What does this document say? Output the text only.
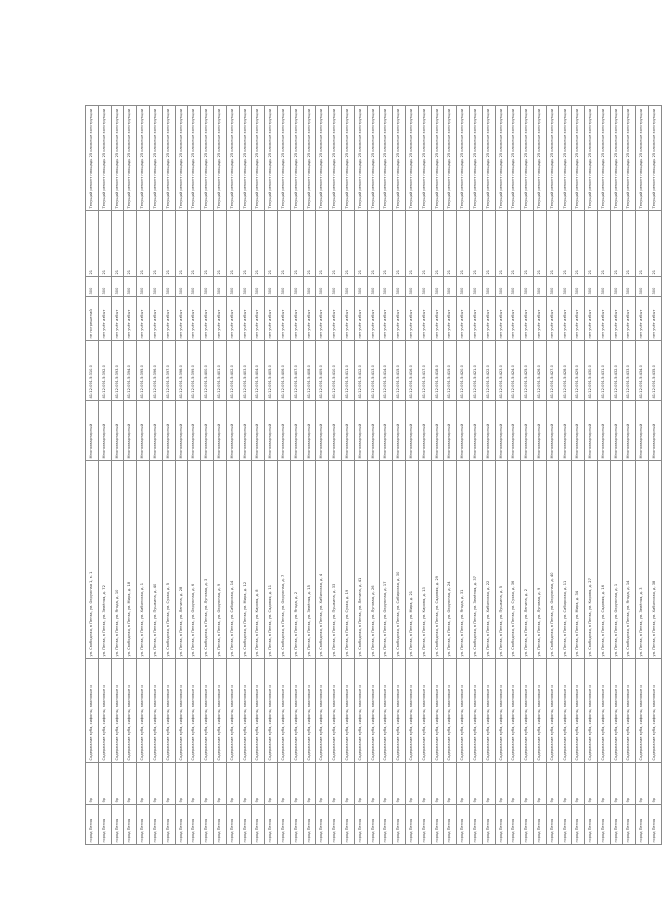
город Пенза	9р	Содержание куба, сифоны, клиновые и	ул. Свободная, в Пенза, ул. Окружная 1, к. 1	Многоквартирный	41:12:091.5:310.0	не погрешений	300	21	Текущий ремонт площадь 25 сложные конструкции
город Пенза	9р	Содержание куба, сифоны, клиновые и	ул. Пенза, в Пенза, ул. Зелёная, д. 72	Многоквартирный	41:12:091.5:392.0	нет учёт избыт	300	21	Текущий ремонт площадь 25 сложные конструкции
город Пенза	9р	Содержание куба, сифоны, клиновые и	ул. Пенза, в Пенза, ул. Ягода, д. 10	Многоквартирный	41:12:091.5:393.0	нет учёт избыт	300	21	Текущий ремонт площадь 25 сложные конструкции
город Пенза	9р	Содержание куба, сифоны, клиновые и	ул. Свободная, в Пенза, ул. Мира, д. 18	Многоквартирный	41:12:091.5:394.0	нет учёт избыт	300	21	Текущий ремонт площадь 25 сложные конструкции
город Пенза	9р	Содержание куба, сифоны, клиновые и	ул. Пенза, в Пенза, ул. Хибинская, д. 1	Многоквартирный	41:12:091.5:395.0	нет учёт избыт	300	21	Текущий ремонт площадь 25 сложные конструкции
город Пенза	9р	Содержание куба, сифоны, клиновые и	ул. Пенза, в Пенза, ул. Пушкина, д. 40	Многоквартирный	41:12:091.5:396.0	нет учёт избыт	300	21	Текущий ремонт площадь 25 сложные конструкции
город Пенза	9р	Содержание куба, сифоны, клиновые и	ул. Свободная, в Пенза, ул. Сухая, д. 5	Многоквартирный	41:12:091.5:397.0	нет учёт избыт	300	21	Текущий ремонт площадь 25 сложные конструкции
город Пенза	9р	Содержание куба, сифоны, клиновые и	ул. Пенза, в Пенза, ул. Ленина, д. 28	Многоквартирный	41:12:091.5:398.0	нет учёт избыт	300	21	Текущий ремонт площадь 25 сложные конструкции
город Пенза	9р	Содержание куба, сифоны, клиновые и	ул. Пенза, в Пенза, ул. Окружная, д. 6	Многоквартирный	41:12:091.5:399.0	нет учёт избыт	300	21	Текущий ремонт площадь 25 сложные конструкции
город Пенза	9р	Содержание куба, сифоны, клиновые и	ул. Свободная, в Пенза, ул. Луговая, д. 3	Многоквартирный	41:12:091.5:400.0	нет учёт избыт	300	21	Текущий ремонт площадь 25 сложные конструкции
город Пенза	9р	Содержание куба, сифоны, клиновые и	ул. Пенза, в Пенза, ул. Окружная, д. 9	Многоквартирный	41:12:091.5:401.0	нет учёт избыт	300	21	Текущий ремонт площадь 25 сложные конструкции
город Пенза	9р	Содержание куба, сифоны, клиновые и	ул. Пенза, в Пенза, ул. Сибирская, д. 14	Многоквартирный	41:12:091.5:402.0	нет учёт избыт	300	21	Текущий ремонт площадь 25 сложные конструкции
город Пенза	9р	Содержание куба, сифоны, клиновые и	ул. Свободная, в Пенза, ул. Мира, д. 12	Многоквартирный	41:12:091.5:403.0	нет учёт избыт	300	21	Текущий ремонт площадь 25 сложные конструкции
город Пенза	9р	Содержание куба, сифоны, клиновые и	ул. Пенза, в Пенза, ул. Кирова, д. 8	Многоквартирный	41:12:091.5:404.0	нет учёт избыт	300	21	Текущий ремонт площадь 25 сложные конструкции
город Пенза	9р	Содержание куба, сифоны, клиновые и	ул. Пенза, в Пенза, ул. Садовая, д. 11	Многоквартирный	41:12:091.5:405.0	нет учёт избыт	300	21	Текущий ремонт площадь 25 сложные конструкции
город Пенза	9р	Содержание куба, сифоны, клиновые и	ул. Свободная, в Пенза, ул. Окружная, д. 7	Многоквартирный	41:12:091.5:406.0	нет учёт избыт	300	21	Текущий ремонт площадь 25 сложные конструкции
город Пенза	9р	Содержание куба, сифоны, клиновые и	ул. Пенза, в Пенза, ул. Ягода, д. 2	Многоквартирный	41:12:091.5:407.0	нет учёт избыт	300	21	Текущий ремонт площадь 25 сложные конструкции
город Пенза	9р	Содержание куба, сифоны, клиновые и	ул. Пенза, в Пенза, ул. Зелёная, д. 15	Многоквартирный	41:12:091.5:408.0	нет учёт избыт	300	21	Текущий ремонт площадь 25 сложные конструкции
город Пенза	9р	Содержание куба, сифоны, клиновые и	ул. Свободная, в Пенза, ул. Хибинская, д. 4	Многоквартирный	41:12:091.5:409.0	нет учёт избыт	300	21	Текущий ремонт площадь 25 сложные конструкции
город Пенза	9р	Содержание куба, сифоны, клиновые и	ул. Пенза, в Пенза, ул. Пушкина, д. 33	Многоквартирный	41:12:091.5:410.0	нет учёт избыт	300	21	Текущий ремонт площадь 25 сложные конструкции
город Пенза	9р	Содержание куба, сифоны, клиновые и	ул. Пенза, в Пенза, ул. Сухая, д. 19	Многоквартирный	41:12:091.5:411.0	нет учёт избыт	300	21	Текущий ремонт площадь 25 сложные конструкции
город Пенза	9р	Содержание куба, сифоны, клиновые и	ул. Свободная, в Пенза, ул. Ленина, д. 41	Многоквартирный	41:12:091.5:412.0	нет учёт избыт	300	21	Текущий ремонт площадь 25 сложные конструкции
город Пенза	9р	Содержание куба, сифоны, клиновые и	ул. Пенза, в Пенза, ул. Луговая, д. 26	Многоквартирный	41:12:091.5:413.0	нет учёт избыт	300	21	Текущий ремонт площадь 25 сложные конструкции
город Пенза	9р	Содержание куба, сифоны, клиновые и	ул. Пенза, в Пенза, ул. Окружная, д. 17	Многоквартирный	41:12:091.5:414.0	нет учёт избыт	300	21	Текущий ремонт площадь 25 сложные конструкции
город Пенза	9р	Содержание куба, сифоны, клиновые и	ул. Свободная, в Пенза, ул. Сибирская, д. 30	Многоквартирный	41:12:091.5:415.0	нет учёт избыт	300	21	Текущий ремонт площадь 25 сложные конструкции
город Пенза	9р	Содержание куба, сифоны, клиновые и	ул. Пенза, в Пенза, ул. Мира, д. 21	Многоквартирный	41:12:091.5:416.0	нет учёт избыт	300	21	Текущий ремонт площадь 25 сложные конструкции
город Пенза	9р	Содержание куба, сифоны, клиновые и	ул. Пенза, в Пенза, ул. Кирова, д. 13	Многоквартирный	41:12:091.5:417.0	нет учёт избыт	300	21	Текущий ремонт площадь 25 сложные конструкции
город Пенза	9р	Содержание куба, сифоны, клиновые и	ул. Свободная, в Пенза, ул. Садовая, д. 29	Многоквартирный	41:12:091.5:418.0	нет учёт избыт	300	21	Текущий ремонт площадь 25 сложные конструкции
город Пенза	9р	Содержание куба, сифоны, клиновые и	ул. Пенза, в Пенза, ул. Окружная, д. 24	Многоквартирный	41:12:091.5:419.0	нет учёт избыт	300	21	Текущий ремонт площадь 25 сложные конструкции
город Пенза	9р	Содержание куба, сифоны, клиновые и	ул. Пенза, в Пенза, ул. Ягода, д. 31	Многоквартирный	41:12:091.5:420.0	нет учёт избыт	300	21	Текущий ремонт площадь 25 сложные конструкции
город Пенза	9р	Содержание куба, сифоны, клиновые и	ул. Свободная, в Пенза, ул. Зелёная, д. 37	Многоквартирный	41:12:091.5:421.0	нет учёт избыт	300	21	Текущий ремонт площадь 25 сложные конструкции
город Пенза	9р	Содержание куба, сифоны, клиновые и	ул. Пенза, в Пенза, ул. Хибинская, д. 22	Многоквартирный	41:12:091.5:422.0	нет учёт избыт	300	21	Текущий ремонт площадь 25 сложные конструкции
город Пенза	9р	Содержание куба, сифоны, клиновые и	ул. Пенза, в Пенза, ул. Пушкина, д. 5	Многоквартирный	41:12:091.5:423.0	нет учёт избыт	300	21	Текущий ремонт площадь 25 сложные конструкции
город Пенза	9р	Содержание куба, сифоны, клиновые и	ул. Свободная, в Пенза, ул. Сухая, д. 36	Многоквартирный	41:12:091.5:424.0	нет учёт избыт	300	21	Текущий ремонт площадь 25 сложные конструкции
город Пенза	9р	Содержание куба, сифоны, клиновые и	ул. Пенза, в Пенза, ул. Ленина, д. 2	Многоквартирный	41:12:091.5:425.0	нет учёт избыт	300	21	Текущий ремонт площадь 25 сложные конструкции
город Пенза	9р	Содержание куба, сифоны, клиновые и	ул. Пенза, в Пенза, ул. Луговая, д. 9	Многоквартирный	41:12:091.5:426.0	нет учёт избыт	300	21	Текущий ремонт площадь 25 сложные конструкции
город Пенза	9р	Содержание куба, сифоны, клиновые и	ул. Свободная, в Пенза, ул. Окружная, д. 40	Многоквартирный	41:12:091.5:427.0	нет учёт избыт	300	21	Текущий ремонт площадь 25 сложные конструкции
город Пенза	9р	Содержание куба, сифоны, клиновые и	ул. Пенза, в Пенза, ул. Сибирская, д. 11	Многоквартирный	41:12:091.5:428.0	нет учёт избыт	300	21	Текущий ремонт площадь 25 сложные конструкции
город Пенза	9р	Содержание куба, сифоны, клиновые и	ул. Пенза, в Пенза, ул. Мира, д. 34	Многоквартирный	41:12:091.5:429.0	нет учёт избыт	300	21	Текущий ремонт площадь 25 сложные конструкции
город Пенза	9р	Содержание куба, сифоны, клиновые и	ул. Свободная, в Пенза, ул. Кирова, д. 27	Многоквартирный	41:12:091.5:430.0	нет учёт избыт	300	21	Текущий ремонт площадь 25 сложные конструкции
город Пенза	9р	Содержание куба, сифоны, клиновые и	ул. Пенза, в Пенза, ул. Садовая, д. 16	Многоквартирный	41:12:091.5:431.0	нет учёт избыт	300	21	Текущий ремонт площадь 25 сложные конструкции
город Пенза	9р	Содержание куба, сифоны, клиновые и	ул. Пенза, в Пенза, ул. Окружная, д. 1	Многоквартирный	41:12:091.5:432.0	нет учёт избыт	300	21	Текущий ремонт площадь 25 сложные конструкции
город Пенза	9р	Содержание куба, сифоны, клиновые и	ул. Свободная, в Пенза, ул. Ягода, д. 14	Многоквартирный	41:12:091.5:433.0	нет учёт избыт	300	21	Текущий ремонт площадь 25 сложные конструкции
город Пенза	9р	Содержание куба, сифоны, клиновые и	ул. Пенза, в Пенза, ул. Зелёная, д. 3	Многоквартирный	41:12:091.5:434.0	нет учёт избыт	300	21	Текущий ремонт площадь 25 сложные конструкции
город Пенза	9р	Содержание куба, сифоны, клиновые и	ул. Пенза, в Пенза, ул. Хибинская, д. 38	Многоквартирный	41:12:091.5:435.0	нет учёт избыт	300	21	Текущий ремонт площадь 25 сложные конструкции
